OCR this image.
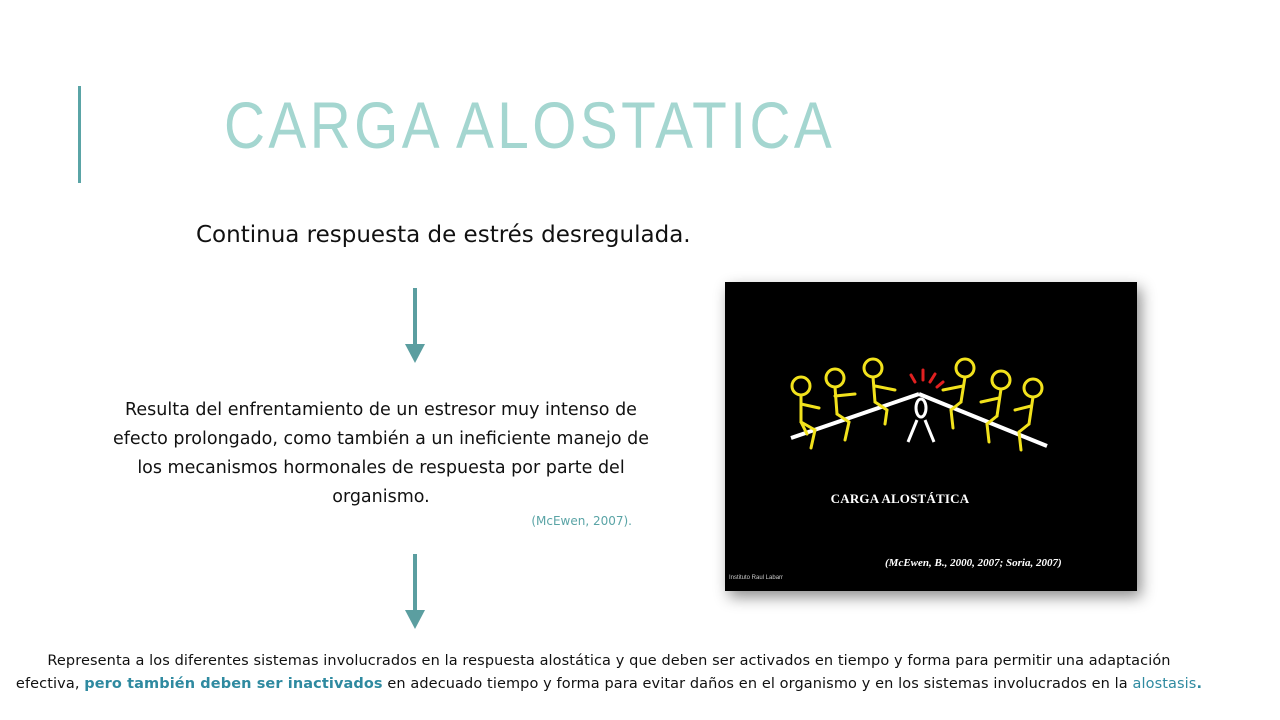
CARGA ALOSTATICA
Continua respuesta de estrés desregulada.
Resulta del enfrentamiento de un estresor muy intenso de efecto prolongado, como también a un ineficiente manejo de los mecanismos hormonales de respuesta por parte del organismo.
(McEwen, 2007).
CARGA ALOSTÁTICA
(McEwen, B., 2000, 2007; Soria, 2007)
Instituto Raul Labarr
Representa a los diferentes sistemas involucrados en la respuesta alostática y que deben ser activados en tiempo y forma para permitir una adaptación efectiva, pero también deben ser inactivados en adecuado tiempo y forma para evitar daños en el organismo y en los sistemas involucrados en la alostasis.
